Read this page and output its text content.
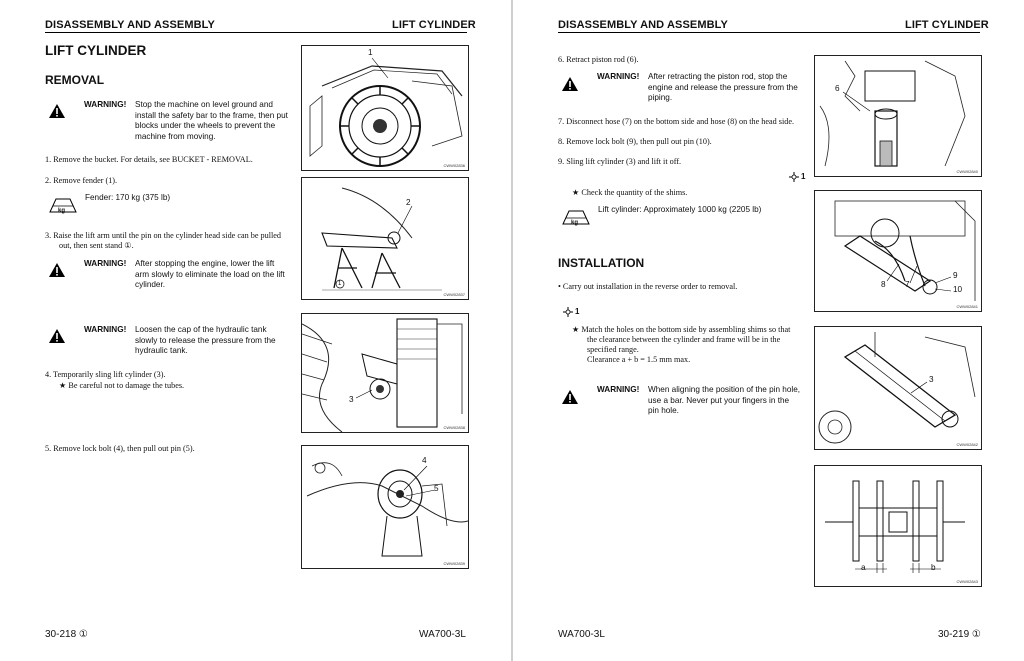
DISASSEMBLY AND ASSEMBLY	LIFT CYLINDER
LIFT CYLINDER
REMOVAL
WARNING! Stop the machine on level ground and
install the safety bar to the frame, then put
blocks under the wheels to prevent the
machine from moving.
1. Remove the bucket. For details, see BUCKET - REMOVAL.
2. Remove fender (1).
kg
Fender: 170 kg (375 lb)
3. Raise the lift arm until the pin on the cylinder head side can be pulled
out, then sent stand ①.
WARNING! After stopping the engine, lower the lift
arm slowly to eliminate the load on the lift
cylinder.
WARNING! Loosen the cap of the hydraulic tank
slowly to release the pressure from the
hydraulic tank.
4. Temporarily sling lift cylinder (3).
★ Be careful not to damage the tubes.
5. Remove lock bolt (4), then pull out pin (5).
1
CWW02836
2
1
CWW02837
3
CWW02838
4
5
CWW02839
30-218 ①	WA700-3L
DISASSEMBLY AND ASSEMBLY	LIFT CYLINDER
6. Retract piston rod (6).
WARNING! After retracting the piston rod, stop the
engine and release the pressure from the
piping.
7. Disconnect hose (7) on the bottom side and hose (8) on the head side.
8. Remove lock bolt (9), then pull out pin (10).
9. Sling lift cylinder (3) and lift it off.
1
★ Check the quantity of the shims.
kg
Lift cylinder: Approximately 1000 kg (2205 lb)
INSTALLATION
• Carry out installation in the reverse order to removal.
1
★ Match the holes on the bottom side by assembling shims so that
the clearance between the cylinder and frame will be in the
specified range.
Clearance a + b = 1.5 mm max.
WARNING! When aligning the position of the pin hole,
use a bar. Never put your fingers in the
pin hole.
6
CWW02840
7
8
9
10
CWW02841
3
CWW02842
a	b
CWW02843
WA700-3L	30-219 ①
